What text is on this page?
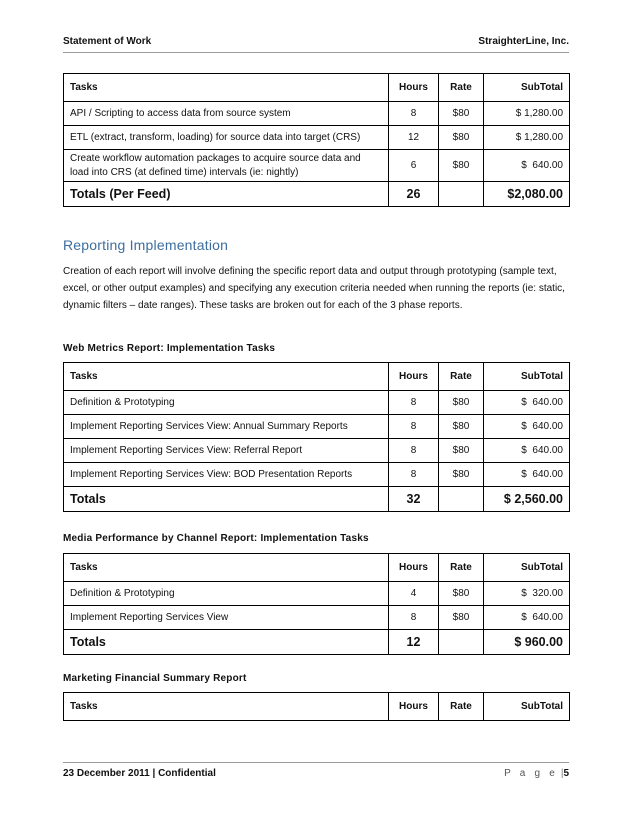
Statement of Work	StraighterLine, Inc.
Tasks	Hours	Rate	SubTotal
API / Scripting to access data from source system	8	$80	$ 1,280.00
ETL (extract, transform, loading) for source data into target (CRS)	12	$80	$ 1,280.00
Create workflow automation packages to acquire source data and load into CRS (at defined time) intervals (ie: nightly)	6	$80	$  640.00
Totals (Per Feed)	26		$2,080.00
Reporting Implementation

Creation of each report will involve defining the specific report data and output through prototyping (sample text, excel, or other output examples) and specifying any execution criteria needed when running the reports (ie: static, dynamic filters – date ranges). These tasks are broken out for each of the 3 phase reports.

Web Metrics Report: Implementation Tasks
Tasks	Hours	Rate	SubTotal
Definition & Prototyping	8	$80	$  640.00
Implement Reporting Services View: Annual Summary Reports	8	$80	$  640.00
Implement Reporting Services View: Referral Report	8	$80	$  640.00
Implement Reporting Services View: BOD Presentation Reports	8	$80	$  640.00
Totals	32		$ 2,560.00
Media Performance by Channel Report: Implementation Tasks
Tasks	Hours	Rate	SubTotal
Definition & Prototyping	4	$80	$  320.00
Implement Reporting Services View	8	$80	$  640.00
Totals	12		$ 960.00
Marketing Financial Summary Report
Tasks	Hours	Rate	SubTotal
23 December 2011 | Confidential	P a g e |5
